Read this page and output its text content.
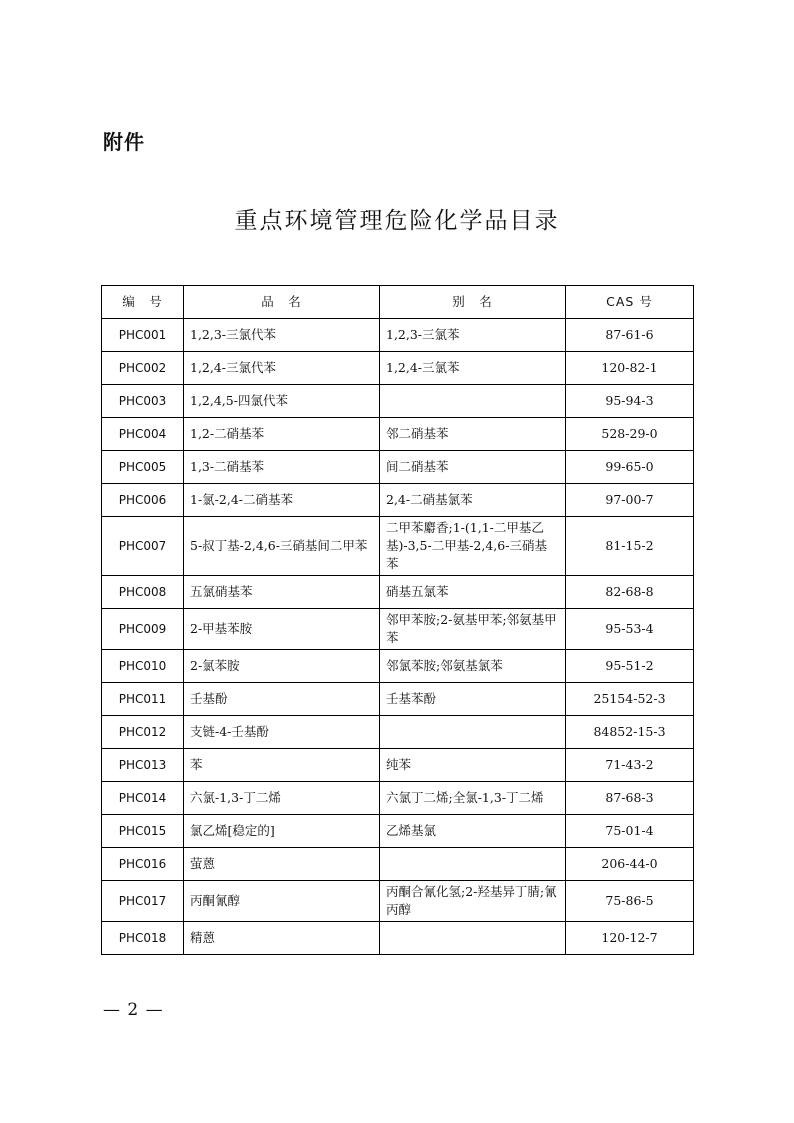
附件
重点环境管理危险化学品目录
编　号	品　名	别　名	CAS 号
PHC001	1,2,3-三氯代苯	1,2,3-三氯苯	87-61-6
PHC002	1,2,4-三氯代苯	1,2,4-三氯苯	120-82-1
PHC003	1,2,4,5-四氯代苯		95-94-3
PHC004	1,2-二硝基苯	邻二硝基苯	528-29-0
PHC005	1,3-二硝基苯	间二硝基苯	99-65-0
PHC006	1-氯-2,4-二硝基苯	2,4-二硝基氯苯	97-00-7
PHC007	5-叔丁基-2,4,6-三硝基间二甲苯	二甲苯麝香;1-(1,1-二甲基乙基)-3,5-二甲基-2,4,6-三硝基苯	81-15-2
PHC008	五氯硝基苯	硝基五氯苯	82-68-8
PHC009	2-甲基苯胺	邻甲苯胺;2-氨基甲苯;邻氨基甲苯	95-53-4
PHC010	2-氯苯胺	邻氯苯胺;邻氨基氯苯	95-51-2
PHC011	壬基酚	壬基苯酚	25154-52-3
PHC012	支链-4-壬基酚		84852-15-3
PHC013	苯	纯苯	71-43-2
PHC014	六氯-1,3-丁二烯	六氯丁二烯;全氯-1,3-丁二烯	87-68-3
PHC015	氯乙烯[稳定的]	乙烯基氯	75-01-4
PHC016	萤蒽		206-44-0
PHC017	丙酮氰醇	丙酮合氰化氢;2-羟基异丁腈;氰丙醇	75-86-5
PHC018	精蒽		120-12-7
— 2 —
